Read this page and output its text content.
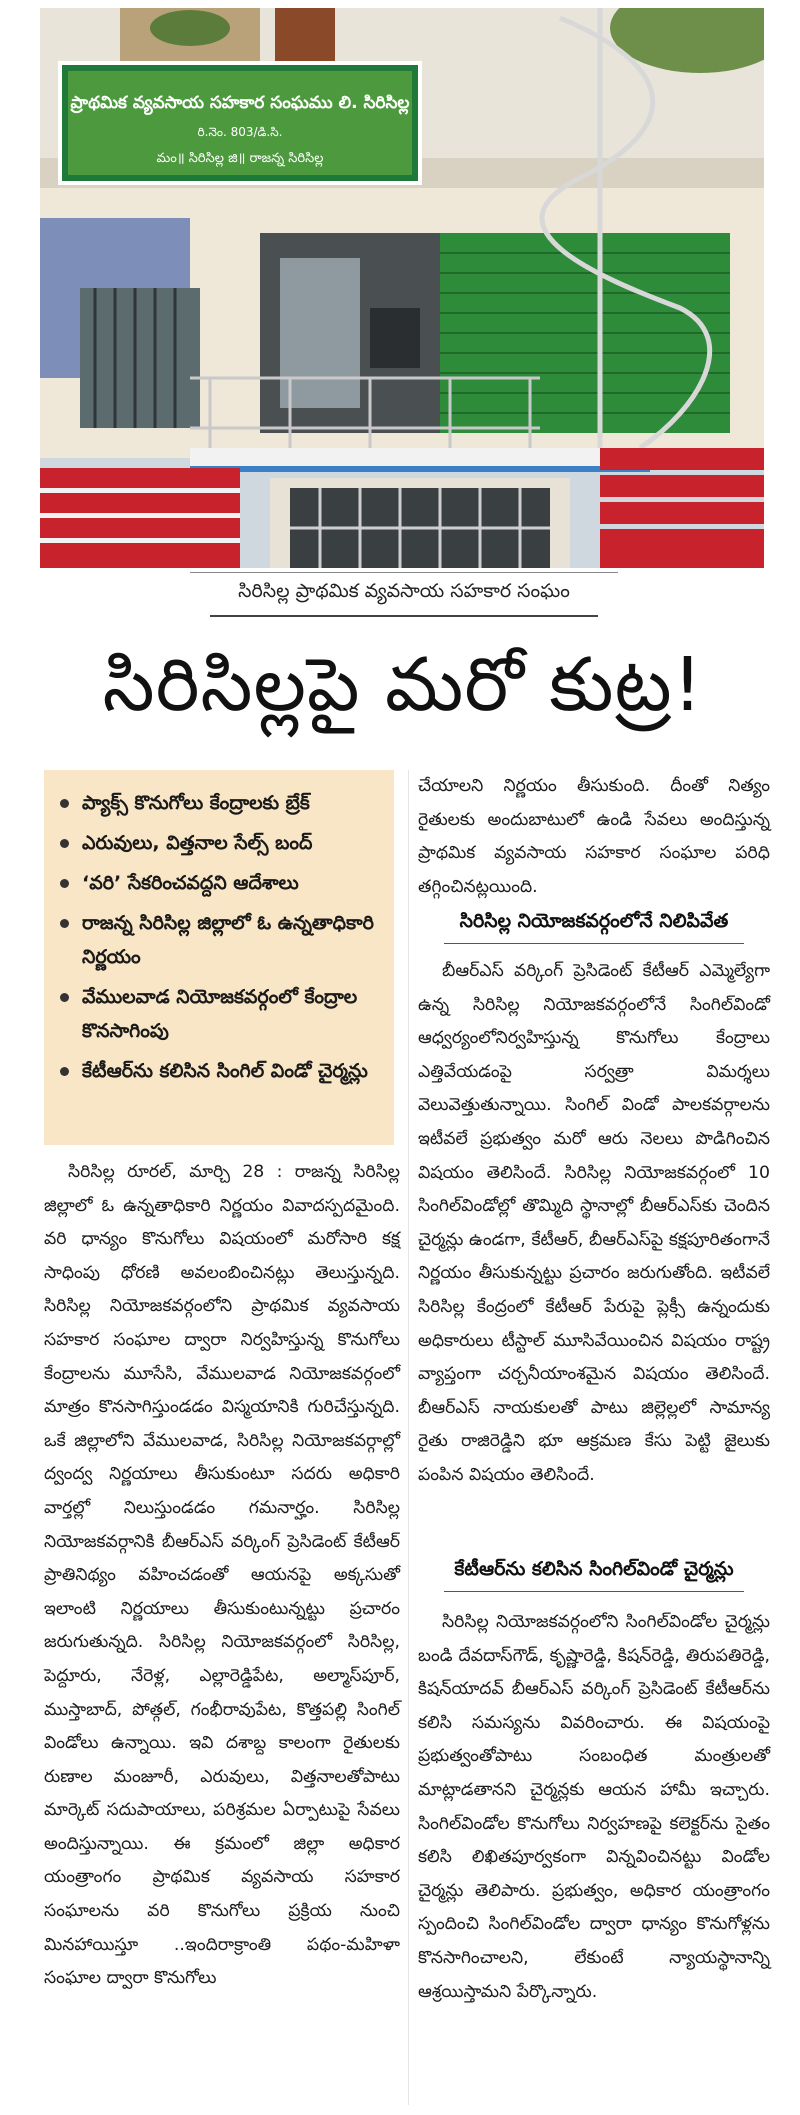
ప్రాథమిక వ్యవసాయ సహకార సంఘము లి. సిరిసిల్ల
రి.నెం. 803/డి.సి.
మం॥ సిరిసిల్ల జి॥ రాజన్న సిరిసిల్ల
సిరిసిల్ల ప్రాథమిక వ్యవసాయ సహకార సంఘం
సిరిసిల్లపై మరో కుట్ర!
ప్యాక్స్ కొనుగోలు కేంద్రాలకు బ్రేక్
ఎరువులు, విత్తనాల సేల్స్ బంద్
‘వరి’ సేకరించవద్దని ఆదేశాలు
రాజన్న సిరిసిల్ల జిల్లాలో ఓ ఉన్నతాధికారి నిర్ణయం
వేములవాడ నియోజకవర్గంలో కేంద్రాల కొనసాగింపు
కేటీఆర్‌ను కలిసిన సింగిల్ విండో చైర్మన్లు

సిరిసిల్ల రూరల్, మార్చి 28 : రాజన్న సిరిసిల్ల జిల్లాలో ఓ ఉన్నతాధికారి నిర్ణయం వివాదస్పదమైంది. వరి ధాన్యం కొనుగోలు విషయంలో మరోసారి కక్ష సాధింపు ధోరణి అవలంబించినట్లు తెలుస్తున్నది. సిరిసిల్ల నియోజకవర్గంలోని ప్రాథమిక వ్యవసాయ సహకార సంఘాల ద్వారా నిర్వహిస్తున్న కొనుగోలు కేంద్రాలను మూసేసి, వేములవాడ నియోజకవర్గంలో మాత్రం కొనసాగిస్తుండడం విస్మయానికి గురిచేస్తున్నది. ఒకే జిల్లాలోని వేములవాడ, సిరిసిల్ల నియోజకవర్గాల్లో ద్వంద్వ నిర్ణయాలు తీసుకుంటూ సదరు అధికారి వార్తల్లో నిలుస్తుండడం గమనార్హం. సిరిసిల్ల నియోజకవర్గానికి బీఆర్‌ఎస్ వర్కింగ్ ప్రెసిడెంట్ కేటీఆర్ ప్రాతినిథ్యం వహించడంతో ఆయనపై అక్కసుతో ఇలాంటి నిర్ణయాలు తీసుకుంటున్నట్టు ప్రచారం జరుగుతున్నది. సిరిసిల్ల నియోజకవర్గంలో సిరిసిల్ల, పెద్దూరు, నేరెళ్ల, ఎల్లారెడ్డిపేట, అల్మాస్‌పూర్, ముస్తాబాద్, పోత్గల్, గంభీరావుపేట, కొత్తపల్లి సింగిల్ విండోలు ఉన్నాయి. ఇవి దశాబ్ద కాలంగా రైతులకు రుణాల మంజూరీ, ఎరువులు, విత్తనాలతోపాటు మార్కెట్ సదుపాయాలు, పరిశ్రమల ఏర్పాటుపై సేవలు అందిస్తున్నాయి. ఈ క్రమంలో జిల్లా అధికార యంత్రాంగం ప్రాథమిక వ్యవసాయ సహకార సంఘాలను వరి కొనుగోలు ప్రక్రియ నుంచి మినహాయిస్తూ ..ఇందిరాక్రాంతి పథం-మహిళా సంఘాల ద్వారా కొనుగోలు

చేయాలని నిర్ణయం తీసుకుంది. దీంతో నిత్యం రైతులకు అందుబాటులో ఉండి సేవలు అందిస్తున్న ప్రాథమిక వ్యవసాయ సహకార సంఘాల పరిధి తగ్గించినట్లయింది.

సిరిసిల్ల నియోజకవర్గంలోనే నిలిపివేత

బీఆర్‌ఎస్ వర్కింగ్ ప్రెసిడెంట్ కేటీఆర్ ఎమ్మెల్యేగా ఉన్న సిరిసిల్ల నియోజకవర్గంలోనే సింగిల్‌విండో ఆధ్వర్యంలోనిర్వహిస్తున్న కొనుగోలు కేంద్రాలు ఎత్తివేయడంపై సర్వత్రా విమర్శలు వెలువెత్తుతున్నాయి. సింగిల్ విండో పాలకవర్గాలను ఇటీవలే ప్రభుత్వం మరో ఆరు నెలలు పొడిగించిన విషయం తెలిసిందే. సిరిసిల్ల నియోజకవర్గంలో 10 సింగిల్‌విండోల్లో తొమ్మిది స్థానాల్లో బీఆర్‌ఎస్‌కు చెందిన చైర్మన్లు ఉండగా, కేటీఆర్, బీఆర్‌ఎస్‌పై కక్షపూరితంగానే నిర్ణయం తీసుకున్నట్టు ప్రచారం జరుగుతోంది. ఇటీవలే సిరిసిల్ల కేంద్రంలో కేటీఆర్ పేరుపై ప్లెక్సీ ఉన్నందుకు అధికారులు టీస్టాల్ మూసివేయించిన విషయం రాష్ట్ర వ్యాప్తంగా చర్చనీయాంశమైన విషయం తెలిసిందే. బీఆర్‌ఎస్ నాయకులతో పాటు జిల్లెల్లలో సామాన్య రైతు రాజిరెడ్డిని భూ ఆక్రమణ కేసు పెట్టి జైలుకు పంపిన విషయం తెలిసిందే.

కేటీఆర్‌ను కలిసిన సింగిల్‌విండో చైర్మన్లు

సిరిసిల్ల నియోజకవర్గంలోని సింగిల్‌విండోల చైర్మన్లు బండి దేవదాస్‌గౌడ్, కృష్ణారెడ్డి, కిషన్‌రెడ్డి, తిరుపతిరెడ్డి, కిషన్‌యాదవ్ బీఆర్‌ఎస్ వర్కింగ్ ప్రెసిడెంట్ కేటీఆర్‌ను కలిసి సమస్యను వివరించారు. ఈ విషయంపై ప్రభుత్వంతోపాటు సంబంధిత మంత్రులతో మాట్లాడతానని చైర్మన్లకు ఆయన హామీ ఇచ్చారు. సింగిల్‌విండోల కొనుగోలు నిర్వహణపై కలెక్టర్‌ను సైతం కలిసి లిఖితపూర్వకంగా విన్నవించినట్టు విండోల చైర్మన్లు తెలిపారు. ప్రభుత్వం, అధికార యంత్రాంగం స్పందించి సింగిల్‌విండోల ద్వారా ధాన్యం కొనుగోళ్లను కొనసాగించాలని, లేకుంటే న్యాయస్థానాన్ని ఆశ్రయిస్తామని పేర్కొన్నారు.
